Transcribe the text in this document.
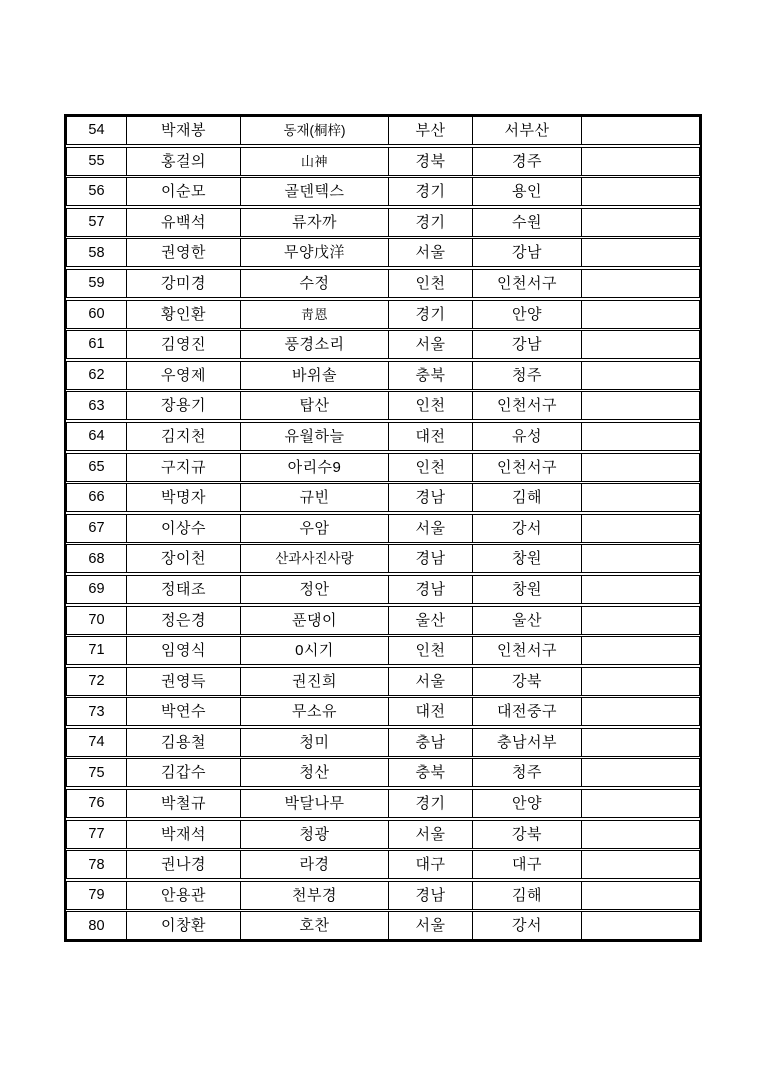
54	박재봉	동재(桐梓)	부산	서부산
55	홍걸의	山神	경북	경주
56	이순모	골덴텍스	경기	용인
57	유백석	류자까	경기	수원
58	권영한	무양戊洋	서울	강남
59	강미경	수정	인천	인천서구
60	황인환	靑恩	경기	안양
61	김영진	풍경소리	서울	강남
62	우영제	바위솔	충북	청주
63	장용기	탑산	인천	인천서구
64	김지천	유월하늘	대전	유성
65	구지규	아리수9	인천	인천서구
66	박명자	규빈	경남	김해
67	이상수	우암	서울	강서
68	장이천	산과사진사랑	경남	창원
69	정태조	정안	경남	창원
70	정은경	푼댕이	울산	울산
71	임영식	0시기	인천	인천서구
72	권영득	권진희	서울	강북
73	박연수	무소유	대전	대전중구
74	김용철	청미	충남	충남서부
75	김갑수	청산	충북	청주
76	박철규	박달나무	경기	안양
77	박재석	청광	서울	강북
78	권나경	라경	대구	대구
79	안용관	천부경	경남	김해
80	이창환	호찬	서울	강서
